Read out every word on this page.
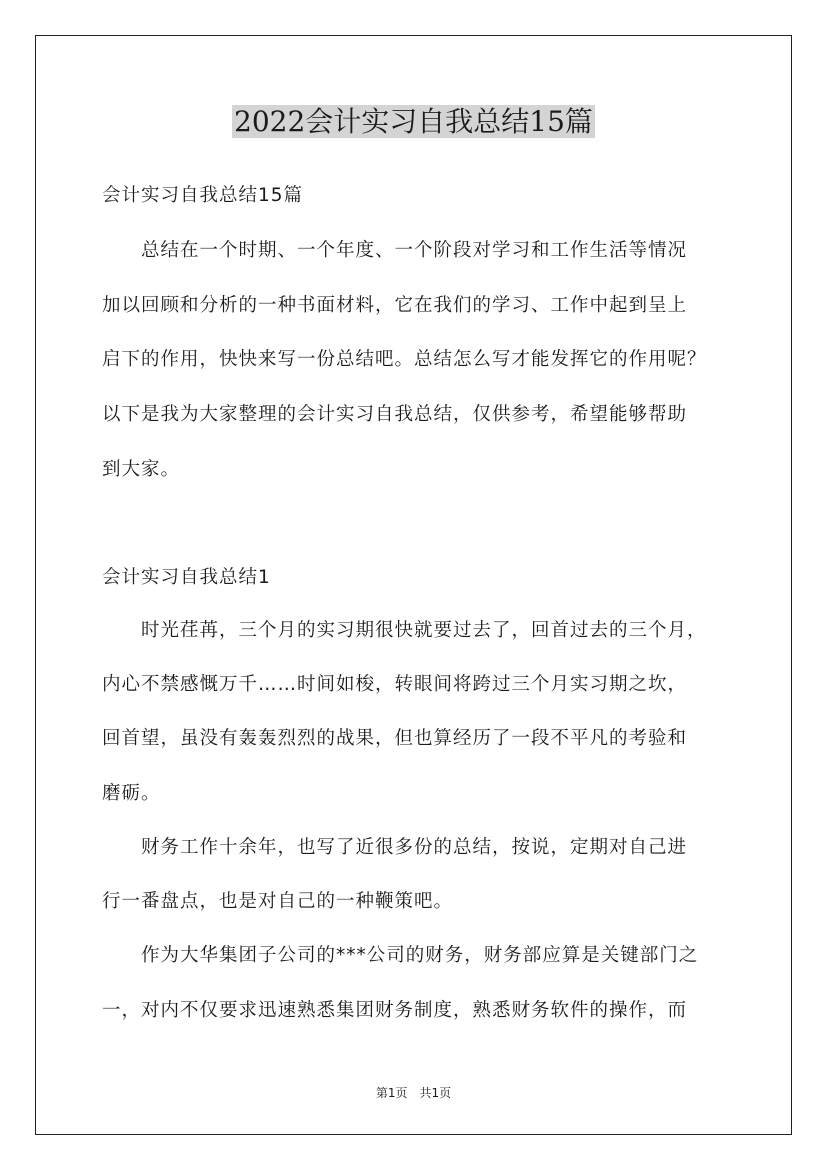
2022会计实习自我总结15篇
会计实习自我总结15篇
　　总结在一个时期、一个年度、一个阶段对学习和工作生活等情况
加以回顾和分析的一种书面材料，它在我们的学习、工作中起到呈上
启下的作用，快快来写一份总结吧。总结怎么写才能发挥它的作用呢？
以下是我为大家整理的会计实习自我总结，仅供参考，希望能够帮助
到大家。
会计实习自我总结1
　　时光荏苒，三个月的实习期很快就要过去了，回首过去的三个月，
内心不禁感慨万千……时间如梭，转眼间将跨过三个月实习期之坎，
回首望，虽没有轰轰烈烈的战果，但也算经历了一段不平凡的考验和
磨砺。
　　财务工作十余年，也写了近很多份的总结，按说，定期对自己进
行一番盘点，也是对自己的一种鞭策吧。
　　作为大华集团子公司的***公司的财务，财务部应算是关键部门之
一，对内不仅要求迅速熟悉集团财务制度，熟悉财务软件的操作，而
第1页　共1页
